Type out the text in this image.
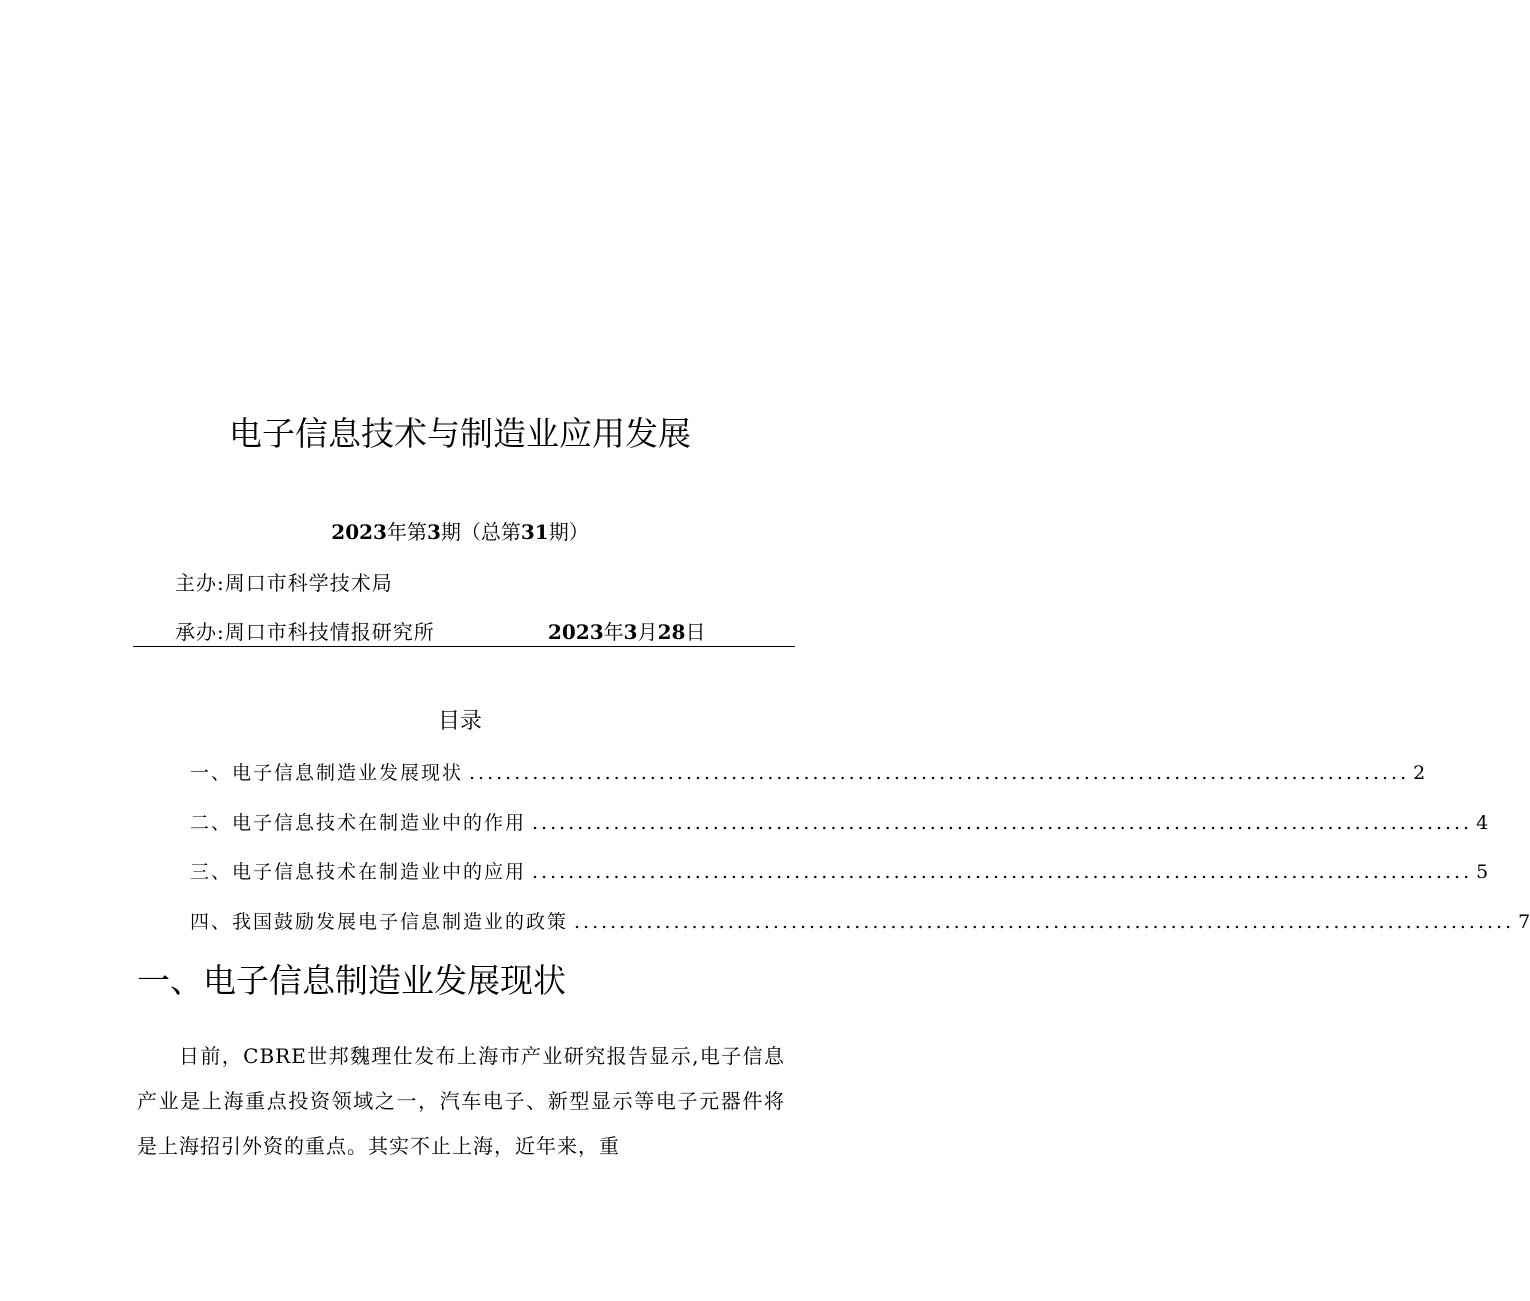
电子信息技术与制造业应用发展
2023年第3期（总第31期）
主办:周口市科学技术局
承办:周口市科技情报研究所	2023年3月28日
目录
一、电子信息制造业发展现状 ........................................................................................................ 2
二、电子信息技术在制造业中的作用 ........................................................................................................ 4
三、电子信息技术在制造业中的应用 ........................................................................................................ 5
四、我国鼓励发展电子信息制造业的政策 ........................................................................................................ 7
一、电子信息制造业发展现状
日前，CBRE世邦魏理仕发布上海市产业研究报告显示,电子信息产业是上海重点投资领域之一，汽车电子、新型显示等电子元器件将是上海招引外资的重点。其实不止上海，近年来，重
